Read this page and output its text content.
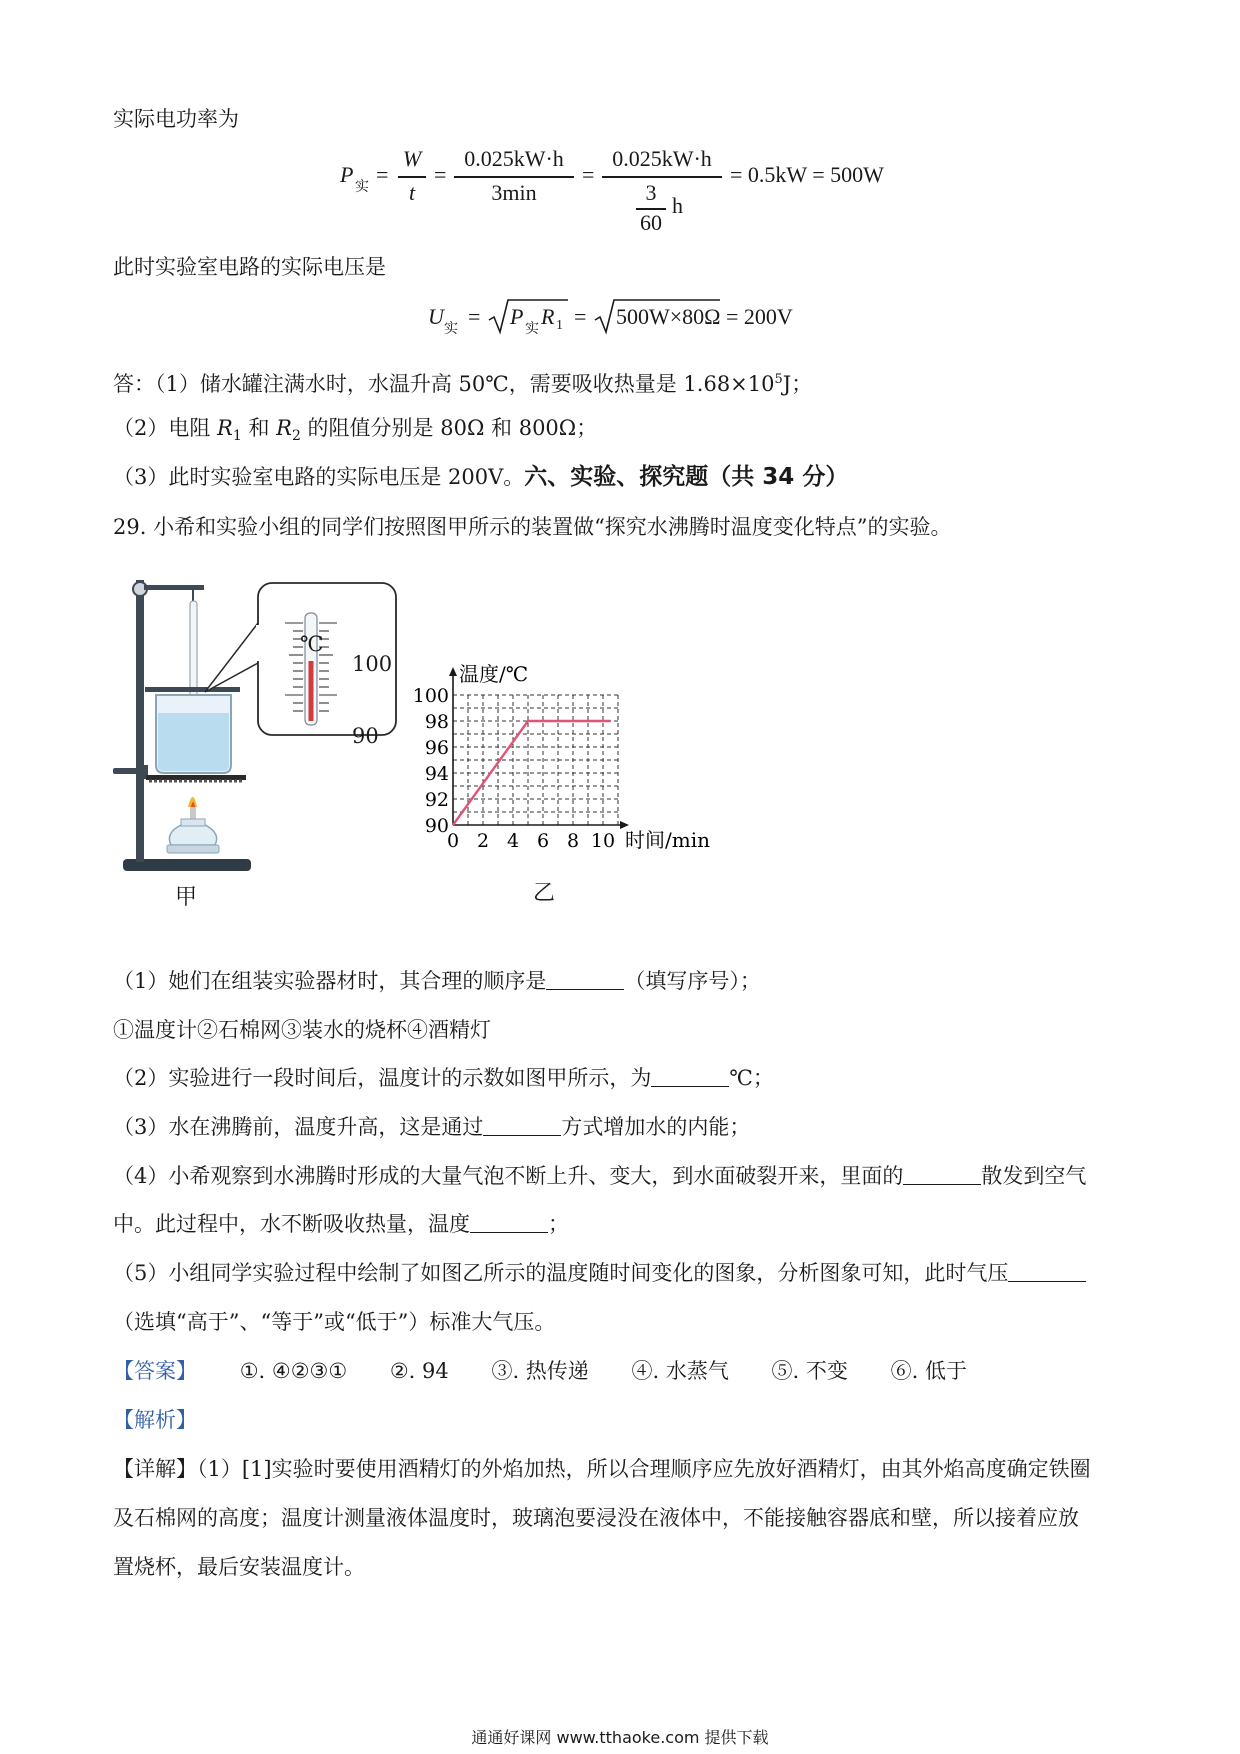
实际电功率为
P
实
=
W
t
=
0.025kW·h
3min
=
0.025kW·h
3
60
h
= 0.5kW = 500W
此时实验室电路的实际电压是
U
实
= P
实
R 1 = 500W×80Ω = 200V
答：（1）储水罐注满水时，水温升高 50℃，需要吸收热量是 $1.68\times 10^5J$；
（2）电阻 $R_1$ 和 $R_2$ 的阻值分别是 80Ω 和 800Ω；
（3）此时实验室电路的实际电压是 200V。六、实验、探究题（共 34 分）
29. 小希和实验小组的同学们按照图甲所示的装置做“探究水沸腾时温度变化特点”的实验。
℃
100
90
甲
0 2 4 6 8 10
90
92
94
96
98
100
温度/℃
时间/min
乙
（1）她们在组装实验器材时，其合理的顺序是	（填写序号）；
①温度计②石棉网③装水的烧杯④酒精灯
（2）实验进行一段时间后，温度计的示数如图甲所示，为	℃；
（3）水在沸腾前，温度升高，这是通过	方式增加水的内能；
（4）小希观察到水沸腾时形成的大量气泡不断上升、变大，到水面破裂开来，里面的	散发到空气
中。此过程中，水不断吸收热量，温度	；
（5）小组同学实验过程中绘制了如图乙所示的温度随时间变化的图象，分析图象可知，此时气压
（选填“高于”、“等于”或“低于”）标准大气压。
【答案】 ①. ④②③① ②. 94 ③. 热传递 ④. 水蒸气 ⑤. 不变 ⑥. 低于
【解析】
【详解】（1）[1]实验时要使用酒精灯的外焰加热，所以合理顺序应先放好酒精灯，由其外焰高度确定铁圈
及石棉网的高度；温度计测量液体温度时，玻璃泡要浸没在液体中，不能接触容器底和壁，所以接着应放
置烧杯，最后安装温度计。
通通好课网 www.tthaoke.com 提供下载
